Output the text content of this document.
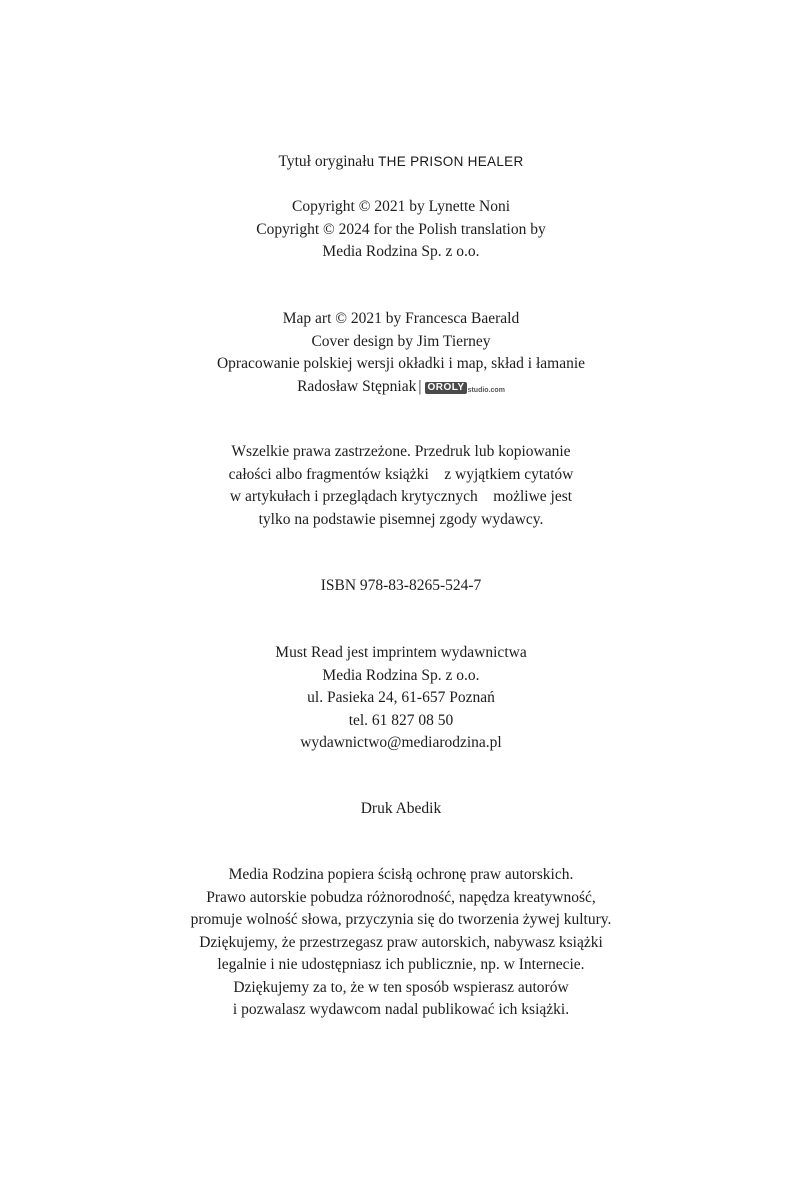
Tytuł oryginału THE PRISON HEALER
Copyright © 2021 by Lynette Noni
Copyright © 2024 for the Polish translation by
Media Rodzina Sp. z o.o.
Map art © 2021 by Francesca Baerald
Cover design by Jim Tierney
Opracowanie polskiej wersji okładki i map, skład i łamanie
Radosław Stępniak | OROLY studio.com
Wszelkie prawa zastrzeżone. Przedruk lub kopiowanie
całości albo fragmentów książki    z wyjątkiem cytatów
w artykułach i przeglądach krytycznych    możliwe jest
tylko na podstawie pisemnej zgody wydawcy.
ISBN 978-83-8265-524-7
Must Read jest imprintem wydawnictwa
Media Rodzina Sp. z o.o.
ul. Pasieka 24, 61-657 Poznań
tel. 61 827 08 50
wydawnictwo@mediarodzina.pl
Druk Abedik
Media Rodzina popiera ścisłą ochronę praw autorskich.
Prawo autorskie pobudza różnorodność, napędza kreatywność,
promuje wolność słowa, przyczynia się do tworzenia żywej kultury.
Dziękujemy, że przestrzegasz praw autorskich, nabywasz książki
legalnie i nie udostępniasz ich publicznie, np. w Internecie.
Dziękujemy za to, że w ten sposób wspierasz autorów
i pozwalasz wydawcom nadal publikować ich książki.
